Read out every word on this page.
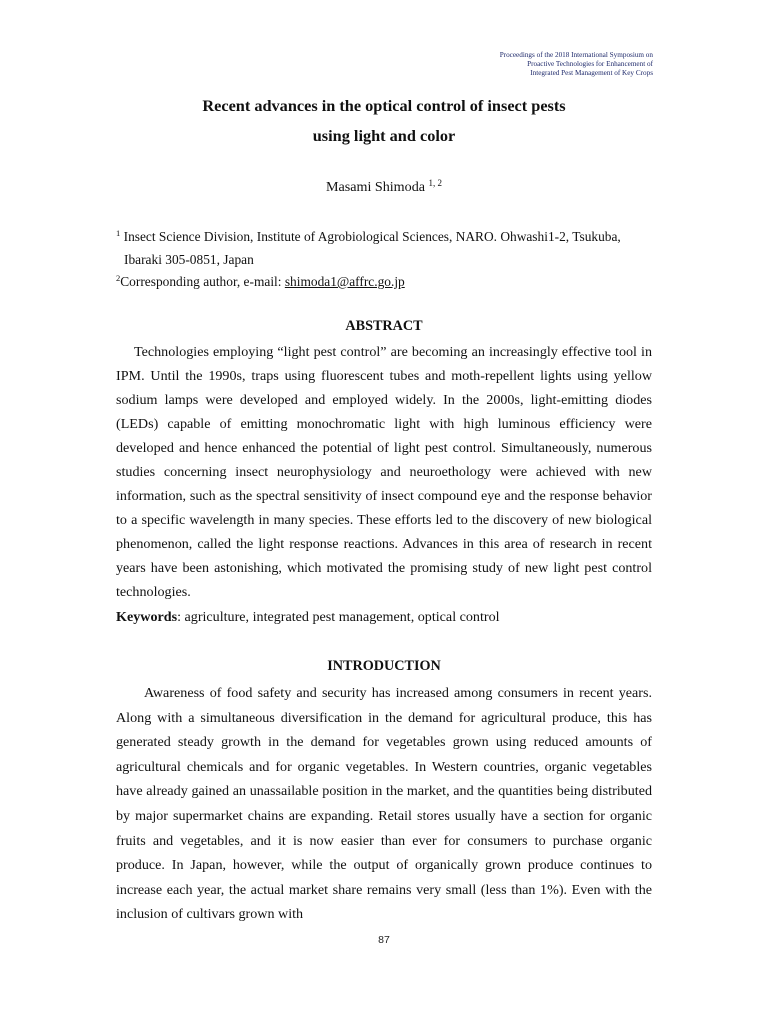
Proceedings of the 2018 International Symposium on
Proactive Technologies for Enhancement of
Integrated Pest Management of Key Crops
Recent advances in the optical control of insect pests
using light and color
Masami Shimoda $^{1, 2}$
$^1$ Insect Science Division, Institute of Agrobiological Sciences, NARO. Ohwashi1-2, Tsukuba,
Ibaraki 305-0851, Japan
$^2$Corresponding author, e-mail: shimoda1@affrc.go.jp
ABSTRACT

Technologies employing “light pest control” are becoming an increasingly effective tool in IPM. Until the 1990s, traps using fluorescent tubes and moth-repellent lights using yellow sodium lamps were developed and employed widely. In the 2000s, light-emitting diodes (LEDs) capable of emitting monochromatic light with high luminous efficiency were developed and hence enhanced the potential of light pest control. Simultaneously, numerous studies concerning insect neurophysiology and neuroethology were achieved with new information, such as the spectral sensitivity of insect compound eye and the response behavior to a specific wavelength in many species. These efforts led to the discovery of new biological phenomenon, called the light response reactions. Advances in this area of research in recent years have been astonishing, which motivated the promising study of new light pest control technologies.

Keywords: agriculture, integrated pest management, optical control
INTRODUCTION

Awareness of food safety and security has increased among consumers in recent years. Along with a simultaneous diversification in the demand for agricultural produce, this has generated steady growth in the demand for vegetables grown using reduced amounts of agricultural chemicals and for organic vegetables. In Western countries, organic vegetables have already gained an unassailable position in the market, and the quantities being distributed by major supermarket chains are expanding. Retail stores usually have a section for organic fruits and vegetables, and it is now easier than ever for consumers to purchase organic produce. In Japan, however, while the output of organically grown produce continues to increase each year, the actual market share remains very small (less than 1%). Even with the inclusion of cultivars grown with

87
